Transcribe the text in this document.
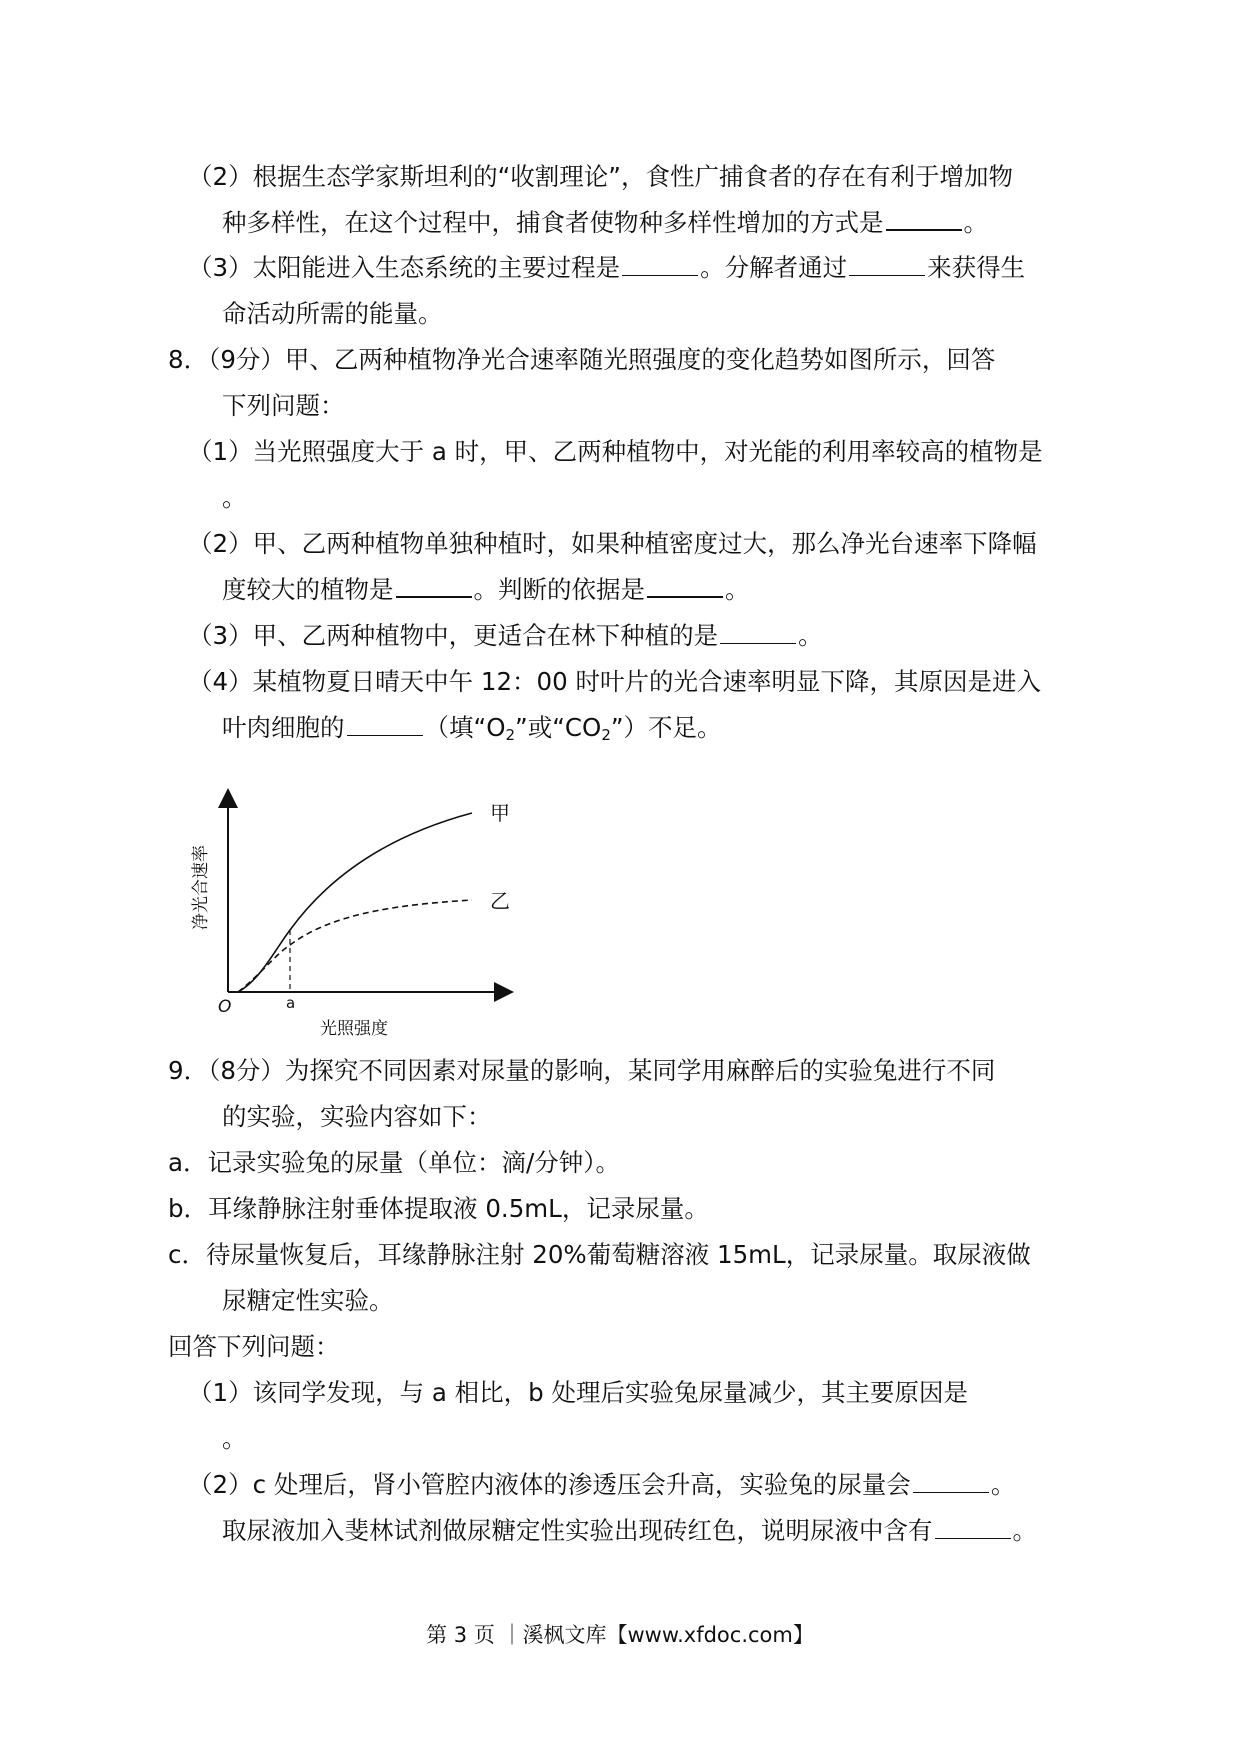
（2）根据生态学家斯坦利的“收割理论”，食性广捕食者的存在有利于增加物
种多样性，在这个过程中，捕食者使物种多样性增加的方式是	。
（3）太阳能进入生态系统的主要过程是	。分解者通过	来获得生
命活动所需的能量。
8．（9分）甲、乙两种植物净光合速率随光照强度的变化趋势如图所示，回答
下列问题：
（1）当光照强度大于 a 时，甲、乙两种植物中，对光能的利用率较高的植物是
。
（2）甲、乙两种植物单独种植时，如果种植密度过大，那么净光台速率下降幅
度较大的植物是	。判断的依据是	。
（3）甲、乙两种植物中，更适合在林下种植的是	。
（4）某植物夏日晴天中午 12：00 时叶片的光合速率明显下降，其原因是进入
叶肉细胞的	（填“$O_2$”或“$CO_2$”）不足。
甲
乙
O	a
光照强度
净光合速率
9．（8分）为探究不同因素对尿量的影响，某同学用麻醉后的实验兔进行不同
的实验，实验内容如下：
a．记录实验兔的尿量（单位：滴/分钟）。
b．耳缘静脉注射垂体提取液 0.5mL，记录尿量。
c．待尿量恢复后，耳缘静脉注射 20%葡萄糖溶液 15mL，记录尿量。取尿液做
尿糖定性实验。
回答下列问题：
（1）该同学发现，与 a 相比，b 处理后实验兔尿量减少，其主要原因是
。
（2）c 处理后，肾小管腔内液体的渗透压会升高，实验兔的尿量会	。
取尿液加入斐林试剂做尿糖定性实验出现砖红色，说明尿液中含有	。
第 3 页 ｜溪枫文库【www.xfdoc.com】
